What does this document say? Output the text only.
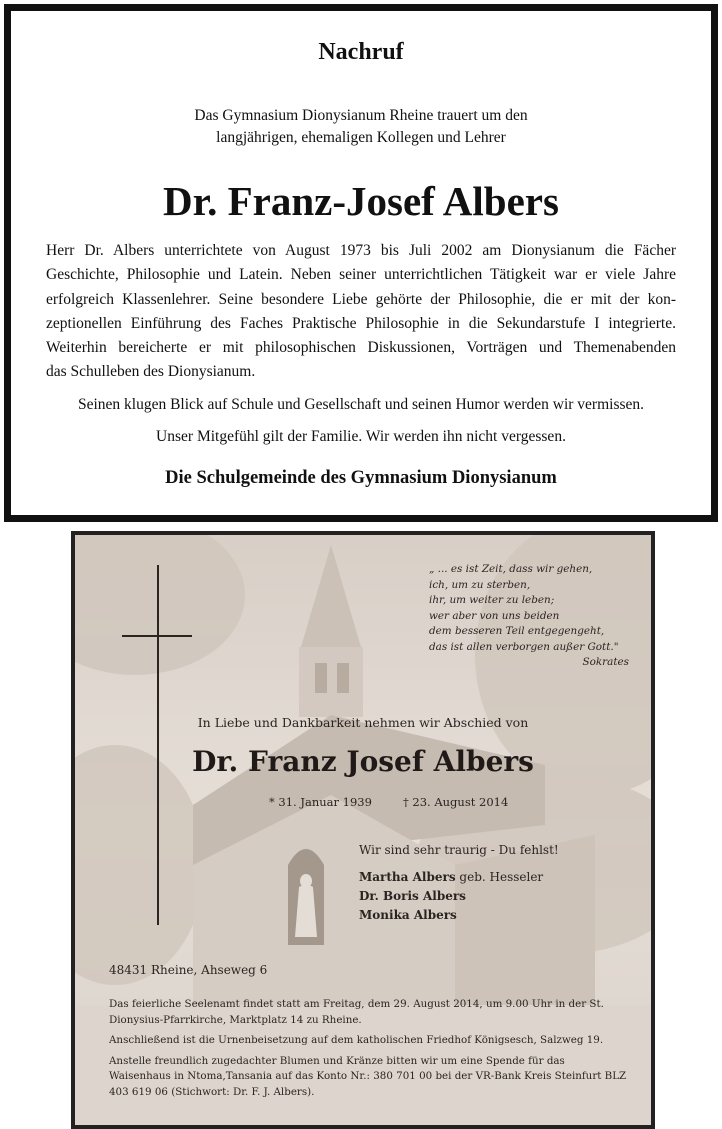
Nachruf
Das Gymnasium Dionysianum Rheine trauert um den
langjährigen, ehemaligen Kollegen und Lehrer
Dr. Franz-Josef Albers
Herr Dr. Albers unterrichtete von August 1973 bis Juli 2002 am Dionysianum die Fächer
Geschichte, Philosophie und Latein. Neben seiner unterrichtlichen Tätigkeit war er viele Jahre
erfolgreich Klassenlehrer. Seine besondere Liebe gehörte der Philosophie, die er mit der kon-
zeptionellen Einführung des Faches Praktische Philosophie in die Sekundarstufe I integrierte.
Weiterhin bereicherte er mit philosophischen Diskussionen, Vorträgen und Themenabenden
das Schulleben des Dionysianum.
Seinen klugen Blick auf Schule und Gesellschaft und seinen Humor werden wir vermissen.
Unser Mitgefühl gilt der Familie. Wir werden ihn nicht vergessen.
Die Schulgemeinde des Gymnasium Dionysianum
„ ... es ist Zeit, dass wir gehen,
ich, um zu sterben,
ihr, um weiter zu leben;
wer aber von uns beiden
dem besseren Teil entgegengeht,
das ist allen verborgen außer Gott."
Sokrates
In Liebe und Dankbarkeit nehmen wir Abschied von
Dr. Franz Josef Albers
* 31. Januar 1939	† 23. August 2014
Wir sind sehr traurig - Du fehlst!
Martha Albers geb. Hesseler
Dr. Boris Albers
Monika Albers
48431 Rheine, Ahseweg 6

Das feierliche Seelenamt findet statt am Freitag, dem 29. August 2014, um 9.00 Uhr in der St. Dionysius-Pfarrkirche, Marktplatz 14 zu Rheine.

Anschließend ist die Urnenbeisetzung auf dem katholischen Friedhof Königsesch, Salzweg 19.

Anstelle freundlich zugedachter Blumen und Kränze bitten wir um eine Spende für das Waisenhaus in Ntoma,Tansania auf das Konto Nr.: 380 701 00 bei der VR-Bank Kreis Steinfurt BLZ 403 619 06 (Stichwort: Dr. F. J. Albers).
